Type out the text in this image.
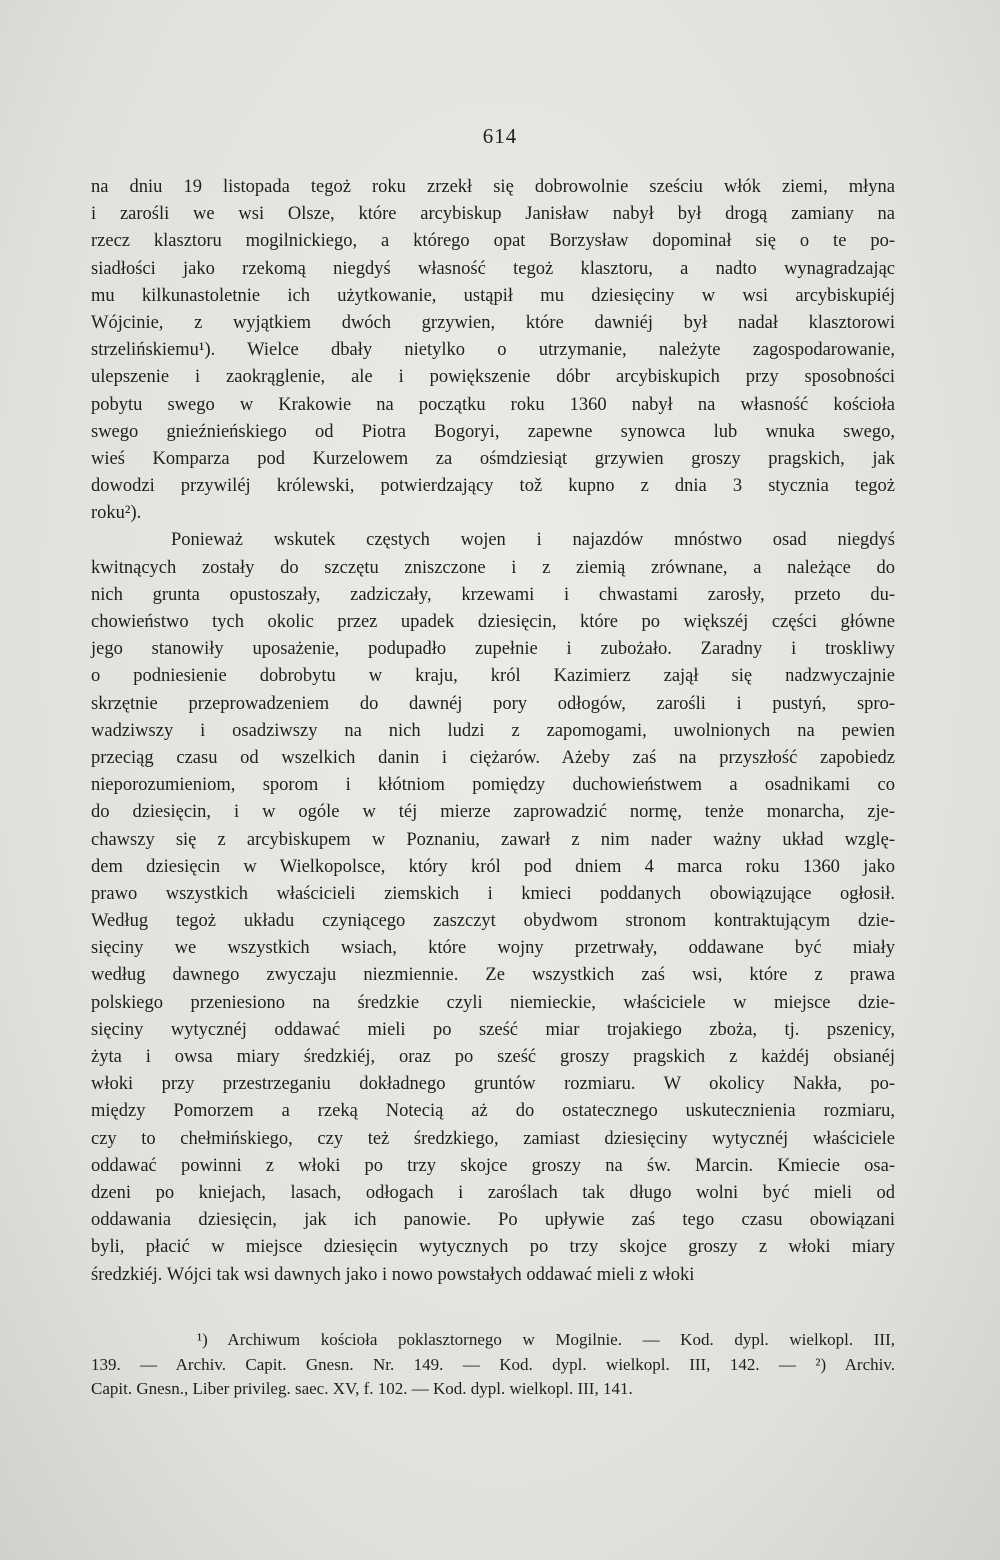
614
na dniu 19 listopada tegoż roku zrzekł się dobrowolnie sześciu włók ziemi, młyna
i zarośli we wsi Olsze, które arcybiskup Janisław nabył był drogą zamiany na
rzecz klasztoru mogilnickiego, a którego opat Borzysław dopominał się o te po-
siadłości jako rzekomą niegdyś własność tegoż klasztoru, a nadto wynagradzając
mu kilkunastoletnie ich użytkowanie, ustąpił mu dziesięciny w wsi arcybiskupiéj
Wójcinie, z wyjątkiem dwóch grzywien, które dawniéj był nadał klasztorowi
strzelińskiemu¹). Wielce dbały nietylko o utrzymanie, należyte zagospodarowanie,
ulepszenie i zaokrąglenie, ale i powiększenie dóbr arcybiskupich przy sposobności
pobytu swego w Krakowie na początku roku 1360 nabył na własność kościoła
swego gnieźnieńskiego od Piotra Bogoryi, zapewne synowca lub wnuka swego,
wieś Komparza pod Kurzelowem za ośmdziesiąt grzywien groszy pragskich, jak
dowodzi przywiléj królewski, potwierdzający tož kupno z dnia 3 stycznia tegoż
roku²).
Ponieważ wskutek częstych wojen i najazdów mnóstwo osad niegdyś
kwitnących zostały do szczętu zniszczone i z ziemią zrównane, a należące do
nich grunta opustoszały, zadziczały, krzewami i chwastami zarosły, przeto du-
chowieństwo tych okolic przez upadek dziesięcin, które po większéj części główne
jego stanowiły uposażenie, podupadło zupełnie i zubożało. Zaradny i troskliwy
o podniesienie dobrobytu w kraju, król Kazimierz zajął się nadzwyczajnie
skrzętnie przeprowadzeniem do dawnéj pory odłogów, zarośli i pustyń, spro-
wadziwszy i osadziwszy na nich ludzi z zapomogami, uwolnionych na pewien
przeciąg czasu od wszelkich danin i ciężarów. Ażeby zaś na przyszłość zapobiedz
nieporozumieniom, sporom i kłótniom pomiędzy duchowieństwem a osadnikami co
do dziesięcin, i w ogóle w téj mierze zaprowadzić normę, tenże monarcha, zje-
chawszy się z arcybiskupem w Poznaniu, zawarł z nim nader ważny układ wzglę-
dem dziesięcin w Wielkopolsce, który król pod dniem 4 marca roku 1360 jako
prawo wszystkich właścicieli ziemskich i kmieci poddanych obowiązujące ogłosił.
Według tegoż układu czyniącego zaszczyt obydwom stronom kontraktującym dzie-
sięciny we wszystkich wsiach, które wojny przetrwały, oddawane być miały
według dawnego zwyczaju niezmiennie. Ze wszystkich zaś wsi, które z prawa
polskiego przeniesiono na średzkie czyli niemieckie, właściciele w miejsce dzie-
sięciny wytycznéj oddawać mieli po sześć miar trojakiego zboża, tj. pszenicy,
żyta i owsa miary średzkiéj, oraz po sześć groszy pragskich z każdéj obsianéj
włoki przy przestrzeganiu dokładnego gruntów rozmiaru. W okolicy Nakła, po-
między Pomorzem a rzeką Notecią aż do ostatecznego uskutecznienia rozmiaru,
czy to chełmińskiego, czy też średzkiego, zamiast dziesięciny wytycznéj właściciele
oddawać powinni z włoki po trzy skojce groszy na św. Marcin. Kmiecie osa-
dzeni po kniejach, lasach, odłogach i zaroślach tak długo wolni być mieli od
oddawania dziesięcin, jak ich panowie. Po upływie zaś tego czasu obowiązani
byli, płacić w miejsce dziesięcin wytycznych po trzy skojce groszy z włoki miary
średzkiéj. Wójci tak wsi dawnych jako i nowo powstałych oddawać mieli z włoki
¹) Archiwum kościoła poklasztornego w Mogilnie. — Kod. dypl. wielkopl. III,
139. — Archiv. Capit. Gnesn. Nr. 149. — Kod. dypl. wielkopl. III, 142. — ²) Archiv.
Capit. Gnesn., Liber privileg. saec. XV, f. 102. — Kod. dypl. wielkopl. III, 141.
